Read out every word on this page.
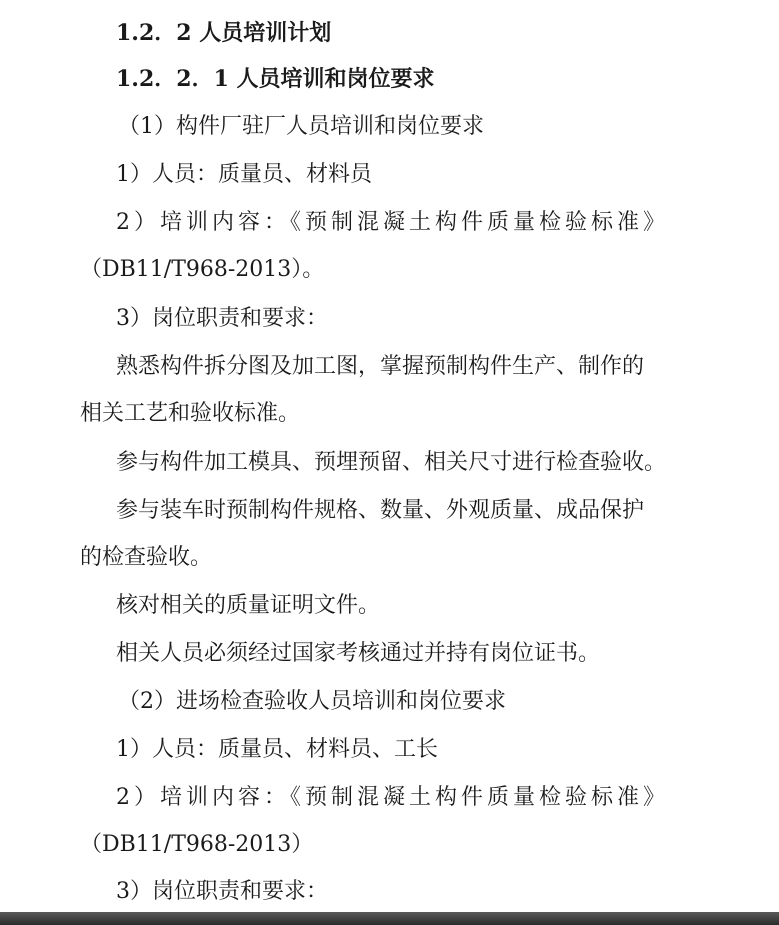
1.2．2 人员培训计划
1.2．2．1 人员培训和岗位要求
（1）构件厂驻厂人员培训和岗位要求
1）人员：质量员、材料员
2）培训内容：《预制混凝土构件质量检验标准》
（DB11/T968-2013）。
3）岗位职责和要求：
熟悉构件拆分图及加工图，掌握预制构件生产、制作的
相关工艺和验收标准。
参与构件加工模具、预埋预留、相关尺寸进行检查验收。
参与装车时预制构件规格、数量、外观质量、成品保护
的检查验收。
核对相关的质量证明文件。
相关人员必须经过国家考核通过并持有岗位证书。
（2）进场检查验收人员培训和岗位要求
1）人员：质量员、材料员、工长
2）培训内容：《预制混凝土构件质量检验标准》
（DB11/T968-2013）
3）岗位职责和要求：
